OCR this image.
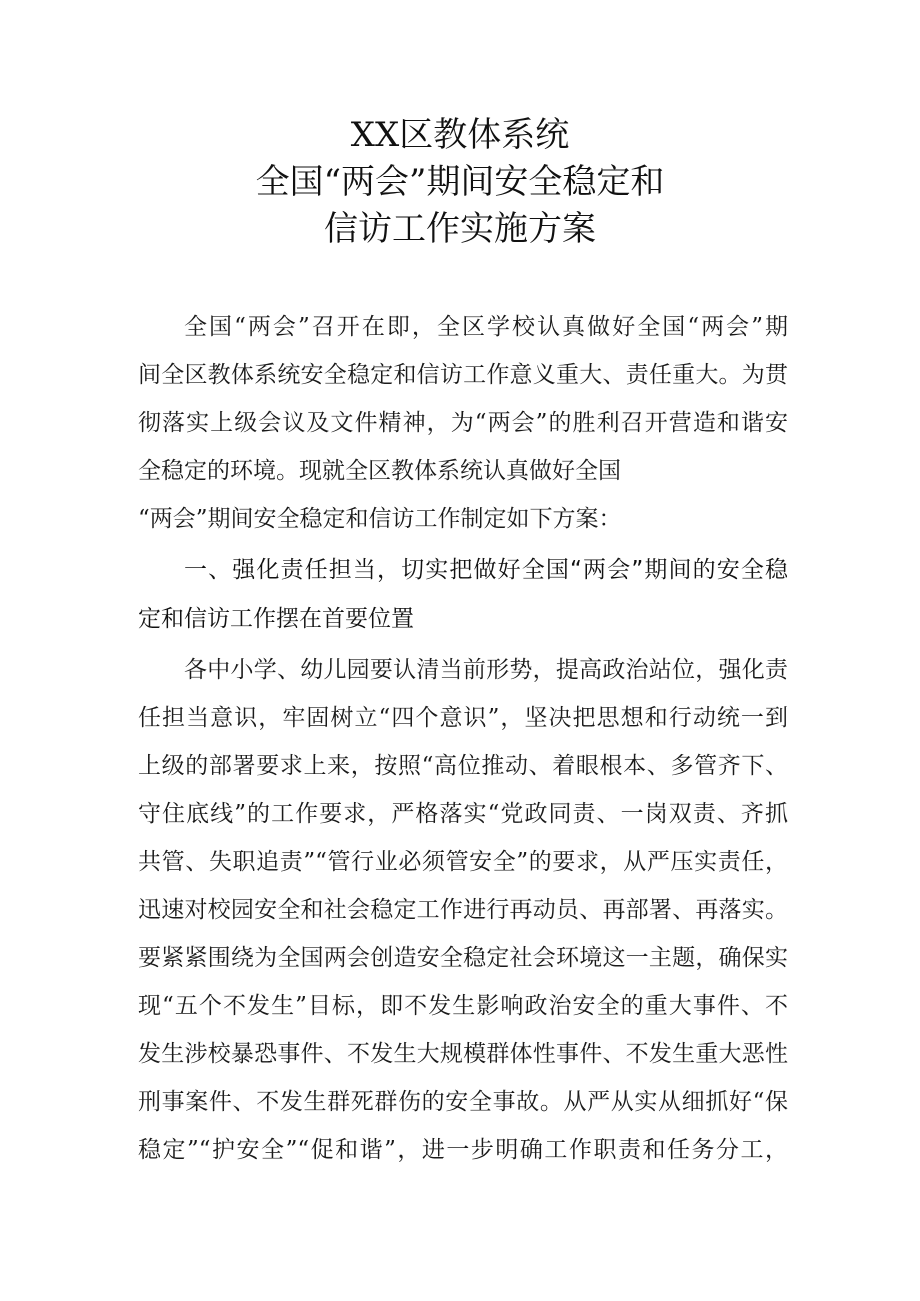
XX区教体系统
全国“两会”期间安全稳定和
信访工作实施方案
全国“两会”召开在即，全区学校认真做好全国“两会”期
间全区教体系统安全稳定和信访工作意义重大、责任重大。为贯
彻落实上级会议及文件精神，为“两会”的胜利召开营造和谐安
全稳定的环境。现就全区教体系统认真做好全国
“两会”期间安全稳定和信访工作制定如下方案：
一、强化责任担当，切实把做好全国“两会”期间的安全稳
定和信访工作摆在首要位置
各中小学、幼儿园要认清当前形势，提高政治站位，强化责
任担当意识，牢固树立“四个意识”，坚决把思想和行动统一到
上级的部署要求上来，按照“高位推动、着眼根本、多管齐下、
守住底线”的工作要求，严格落实“党政同责、一岗双责、齐抓
共管、失职追责”“管行业必须管安全”的要求，从严压实责任，
迅速对校园安全和社会稳定工作进行再动员、再部署、再落实。
要紧紧围绕为全国两会创造安全稳定社会环境这一主题，确保实
现“五个不发生”目标，即不发生影响政治安全的重大事件、不
发生涉校暴恐事件、不发生大规模群体性事件、不发生重大恶性
刑事案件、不发生群死群伤的安全事故。从严从实从细抓好“保
稳定”“护安全”“促和谐”，进一步明确工作职责和任务分工，
